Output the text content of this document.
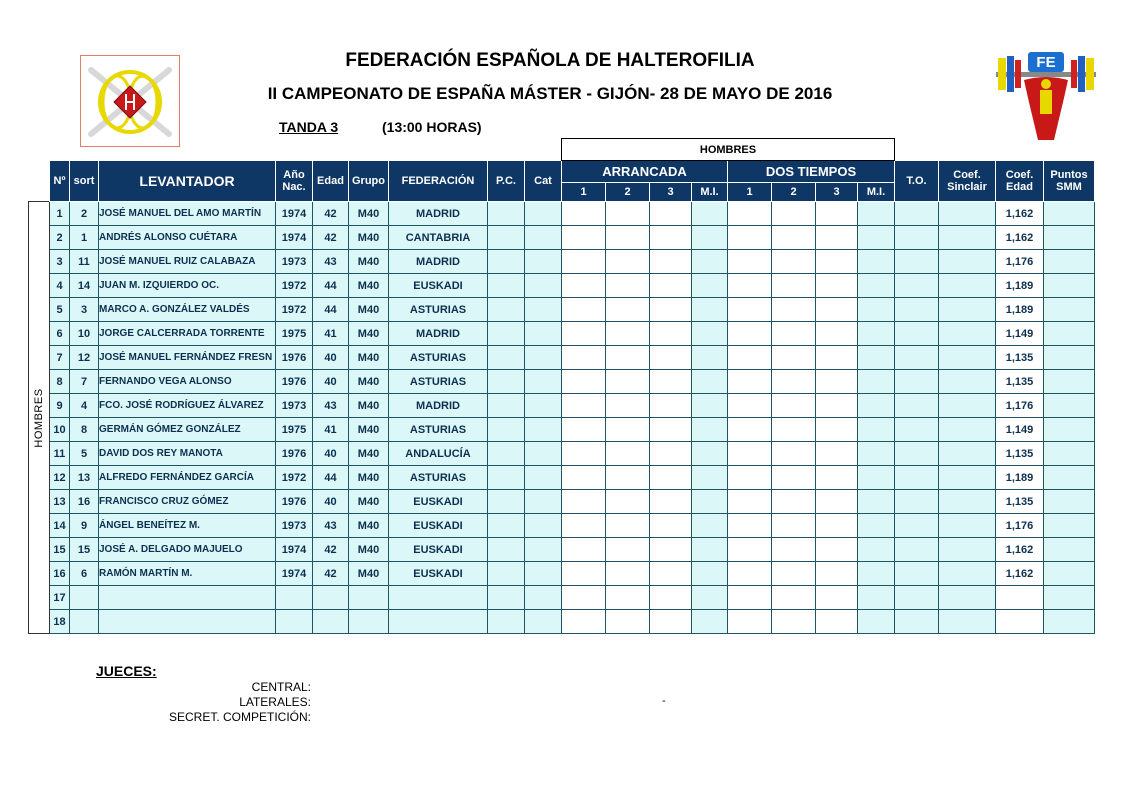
FEDERACIÓN ESPAÑOLA DE HALTEROFILIA
II CAMPEONATO DE ESPAÑA MÁSTER - GIJÓN- 28 DE MAYO DE 2016
TANDA 3	(13:00 HORAS)
FE
										HOMBRES											
	Nº	sort	LEVANTADOR	Año Nac.	Edad	Grupo	FEDERACIÓN	P.C.	Cat	ARRANCADA				DOS TIEMPOS				T.O.	Coef. Sinclair	Coef. Edad	Puntos SMM
										1	2	3	M.I.	1	2	3	M.I.				

HOMBRES	1	2	JOSÉ MANUEL DEL AMO MARTÍN	1974	42	M40	MADRID													1,162	
	2	1	ANDRÉS ALONSO CUÉTARA	1974	42	M40	CANTABRIA													1,162	
	3	11	JOSÉ MANUEL RUIZ CALABAZA	1973	43	M40	MADRID													1,176	
	4	14	JUAN M. IZQUIERDO OC.	1972	44	M40	EUSKADI													1,189	
	5	3	MARCO A. GONZÁLEZ VALDÉS	1972	44	M40	ASTURIAS													1,189	
	6	10	JORGE CALCERRADA TORRENTE	1975	41	M40	MADRID													1,149	
	7	12	JOSÉ MANUEL FERNÁNDEZ FRESN	1976	40	M40	ASTURIAS													1,135	
	8	7	FERNANDO VEGA ALONSO	1976	40	M40	ASTURIAS													1,135	
	9	4	FCO. JOSÉ RODRÍGUEZ ÁLVAREZ	1973	43	M40	MADRID													1,176	
	10	8	GERMÁN GÓMEZ GONZÁLEZ	1975	41	M40	ASTURIAS													1,149	
	11	5	DAVID DOS REY MANOTA	1976	40	M40	ANDALUCÍA													1,135	
	12	13	ALFREDO FERNÁNDEZ GARCÍA	1972	44	M40	ASTURIAS													1,189	
	13	16	FRANCISCO CRUZ GÓMEZ	1976	40	M40	EUSKADI													1,135	
	14	9	ÁNGEL BENEÍTEZ M.	1973	43	M40	EUSKADI													1,176	
	15	15	JOSÉ A. DELGADO MAJUELO	1974	42	M40	EUSKADI													1,162	
	16	6	RAMÓN MARTÍN M.	1974	42	M40	EUSKADI													1,162	
	17																				
	18																				
JUECES:
CENTRAL:
LATERALES:
SECRET. COMPETICIÓN:
-
